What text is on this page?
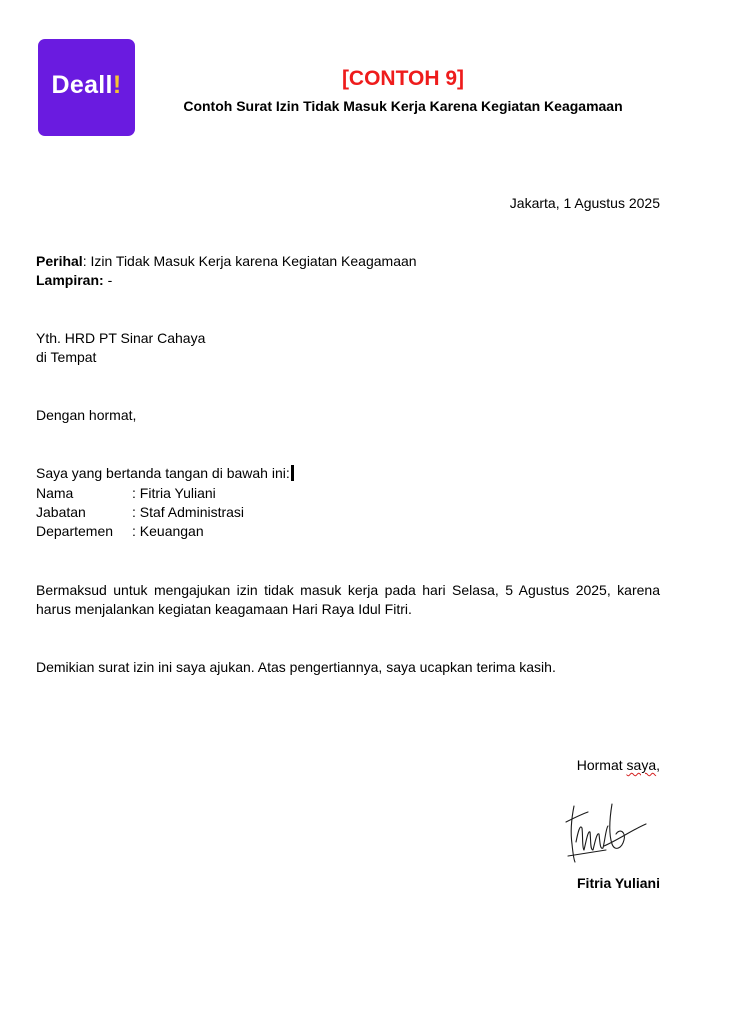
Deall!	[CONTOH 9]
Contoh Surat Izin Tidak Masuk Kerja Karena Kegiatan Keagamaan
Jakarta, 1 Agustus 2025
Perihal: Izin Tidak Masuk Kerja karena Kegiatan Keagamaan
Lampiran: -
Yth. HRD PT Sinar Cahaya
di Tempat
Dengan hormat,
Saya yang bertanda tangan di bawah ini:
Nama	: Fitria Yuliani
Jabatan	: Staf Administrasi
Departemen : Keuangan
Bermaksud untuk mengajukan izin tidak masuk kerja pada hari Selasa, 5 Agustus 2025, karena harus menjalankan kegiatan keagamaan Hari Raya Idul Fitri.
Demikian surat izin ini saya ajukan. Atas pengertiannya, saya ucapkan terima kasih.
Hormat saya,
Fitria Yuliani
